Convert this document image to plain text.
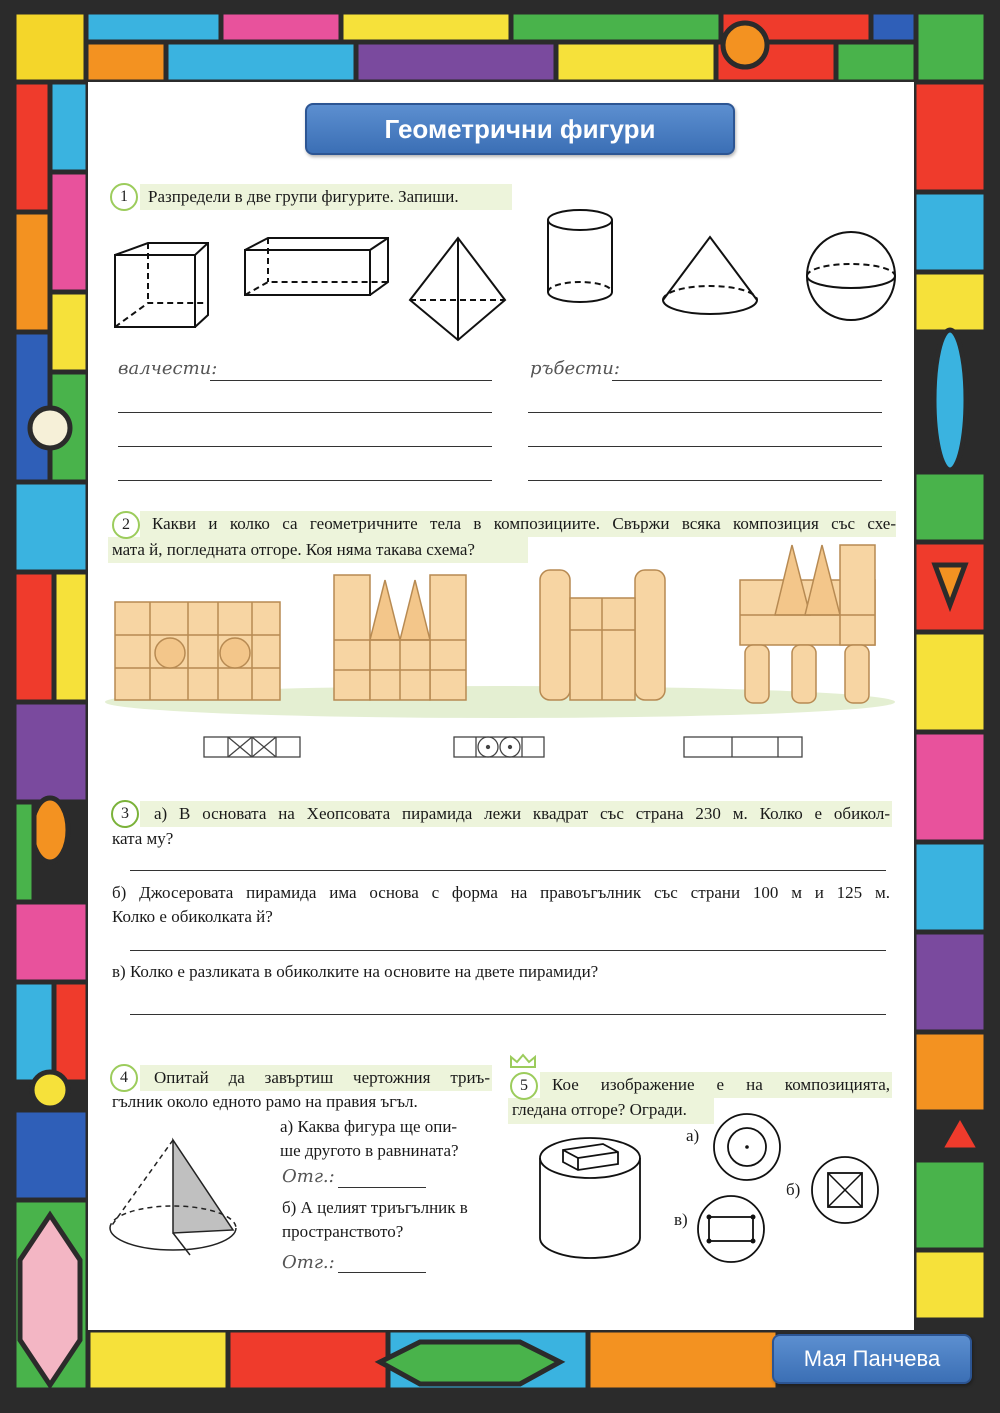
Геометрични фигури
1	Разпредели в две групи фигурите. Запиши.
валчести:	ръбести:
2	Какви и колко са геометричните тела в композициите. Свържи всяка композиция със схе-
мата й, погледната отгоре. Коя няма такава схема?
3	а) В основата на Хеопсовата пирамида лежи квадрат със страна 230 м. Колко е обикол-
ката му?
б) Джосеровата пирамида има основа с форма на правоъгълник със страни 100 м и 125 м.
Колко е обиколката й?
в) Колко е разликата в обиколките на основите на двете пирамиди?
4	Опитай да завъртиш чертожния триъ-
гълник около едното рамо на правия ъгъл.
а) Каква фигура ще опи-
ше другото в равнината?
Отг.:
б) А целият триъгълник в
пространството?
Отг.:
5	Кое изображение е на композицията,
гледана отгоре? Огради.
а)
б)
в)
Мая Панчева
